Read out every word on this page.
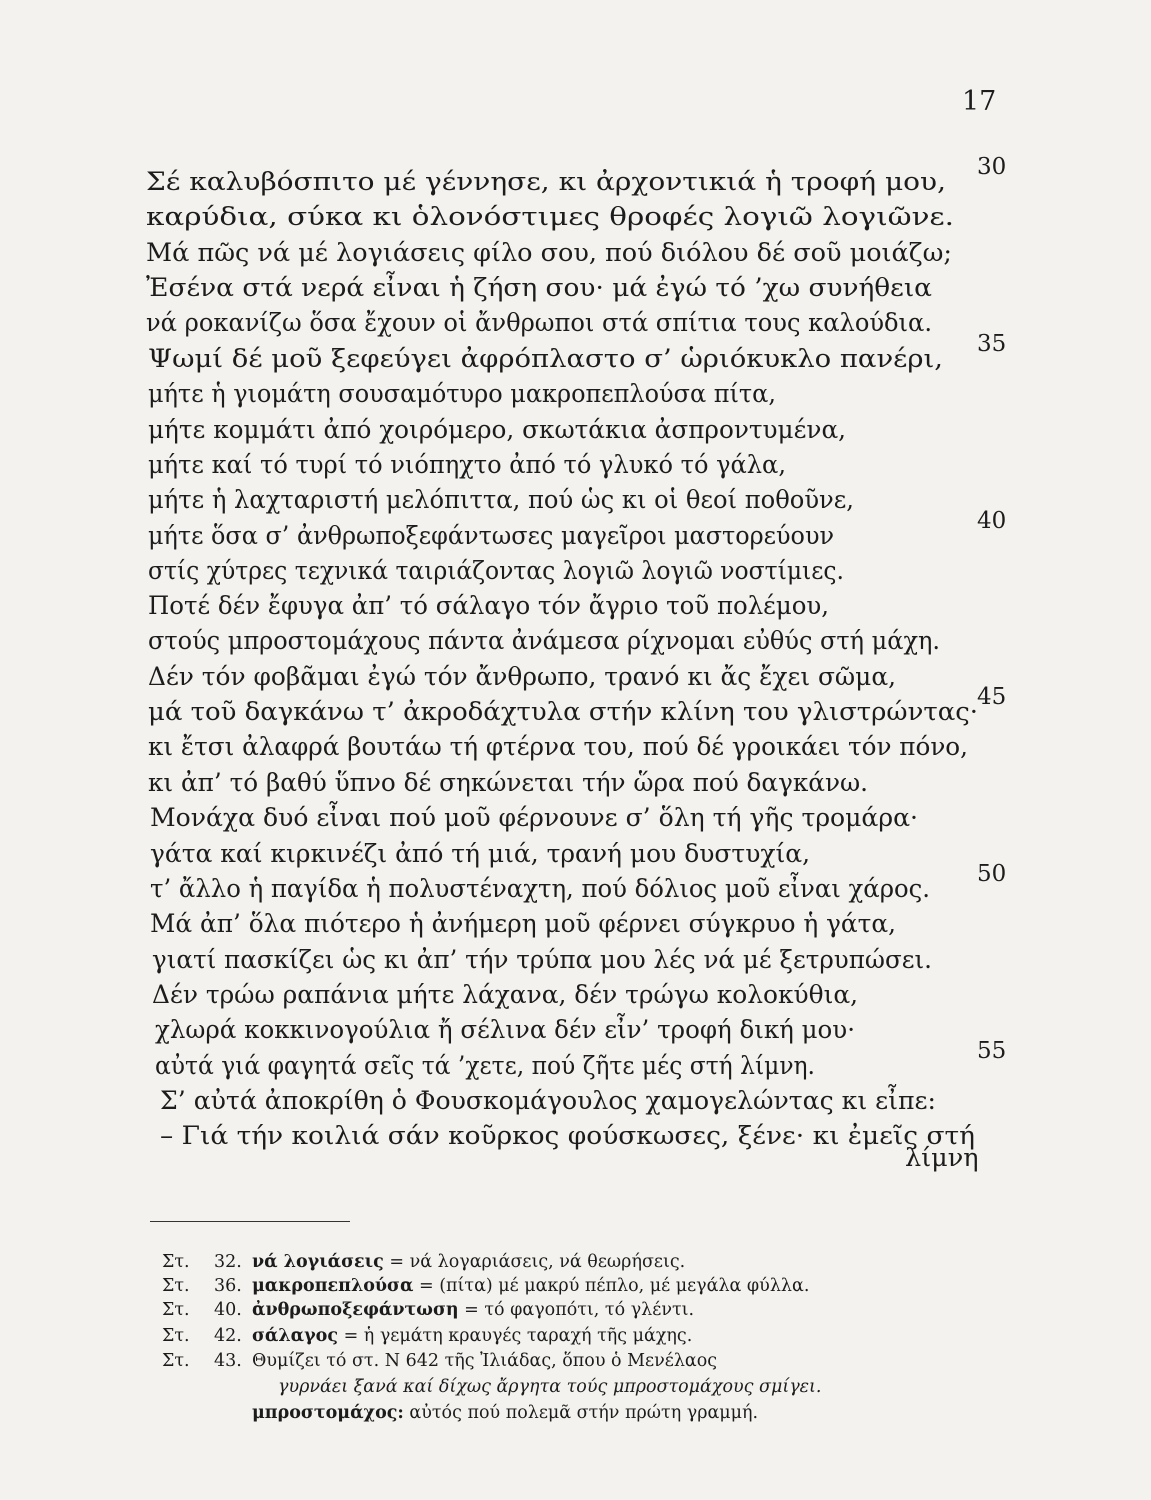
17
Σέ καλυβόσπιτο μέ γέννησε, κι ἀρχοντικιά ἡ τροφή μου, 30
καρύδια, σύκα κι ὁλονόστιμες θροφές λογιῶ λογιῶνε.
Μά πῶς νά μέ λογιάσεις φίλο σου, πού διόλου δέ σοῦ μοιάζω;
Ἐσένα στά νερά εἶναι ἡ ζήση σου· μά ἐγώ τό ’χω συνήθεια
νά ροκανίζω ὅσα ἔχουν οἱ ἄνθρωποι στά σπίτια τους καλούδια.
Ψωμί δέ μοῦ ξεφεύγει ἀφρόπλαστο σ’ ὡριόκυκλο πανέρι, 35
μήτε ἡ γιομάτη σουσαμότυρο μακροπεπλούσα πίτα,
μήτε κομμάτι ἀπό χοιρόμερο, σκωτάκια ἀσπροντυμένα,
μήτε καί τό τυρί τό νιόπηχτο ἀπό τό γλυκό τό γάλα,
μήτε ἡ λαχταριστή μελόπιττα, πού ὡς κι οἱ θεοί ποθοῦνε,
μήτε ὅσα σ’ ἀνθρωποξεφάντωσες μαγεῖροι μαστορεύουν	40
στίς χύτρες τεχνικά ταιριάζοντας λογιῶ λογιῶ νοστίμιες.
Ποτέ δέν ἔφυγα ἀπ’ τό σάλαγο τόν ἄγριο τοῦ πολέμου,
στούς μπροστομάχους πάντα ἀνάμεσα ρίχνομαι εὐθύς στή μάχη.
Δέν τόν φοβᾶμαι ἐγώ τόν ἄνθρωπο, τρανό κι ἄς ἔχει σῶμα,
μά τοῦ δαγκάνω τ’ ἀκροδάχτυλα στήν κλίνη του γλιστρώντας·
45
κι ἔτσι ἀλαφρά βουτάω τή φτέρνα του, πού δέ γροικάει τόν πόνο,
κι ἀπ’ τό βαθύ ὕπνο δέ σηκώνεται τήν ὥρα πού δαγκάνω.
Μονάχα δυό εἶναι πού μοῦ φέρνουνε σ’ ὅλη τή γῆς τρομάρα·
γάτα καί κιρκινέζι ἀπό τή μιά, τρανή μου δυστυχία,
τ’ ἄλλο ἡ παγίδα ἡ πολυστέναχτη, πού δόλιος μοῦ εἶναι χάρος. 50
Μά ἀπ’ ὅλα πιότερο ἡ ἀνήμερη μοῦ φέρνει σύγκρυο ἡ γάτα,
γιατί πασκίζει ὡς κι ἀπ’ τήν τρύπα μου λές νά μέ ξετρυπώσει.
Δέν τρώω ραπάνια μήτε λάχανα, δέν τρώγω κολοκύθια,
χλωρά κοκκινογούλια ἤ σέλινα δέν εἶν’ τροφή δική μου·
αὐτά γιά φαγητά σεῖς τά ’χετε, πού ζῆτε μές στή λίμνη.	55
Σ’ αὐτά ἀποκρίθη ὁ Φουσκομάγουλος χαμογελώντας κι εἶπε:
– Γιά τήν κοιλιά σάν κοῦρκος φούσκωσες, ξένε· κι ἐμεῖς στή
λίμνη
Στ. 32. νά λογιάσεις = νά λογαριάσεις, νά θεωρήσεις.
Στ. 36. μακροπεπλούσα = (πίτα) μέ μακρύ πέπλο, μέ μεγάλα φύλλα.
Στ. 40. ἀνθρωποξεφάντωση = τό φαγοπότι, τό γλέντι.
Στ. 42. σάλαγος = ἡ γεμάτη κραυγές ταραχή τῆς μάχης.
Στ. 43. Θυμίζει τό στ. Ν 642 τῆς Ἰλιάδας, ὅπου ὁ Μενέλαος
γυρνάει ξανά καί δίχως ἄργητα τούς μπροστομάχους σμίγει.
μπροστομάχος: αὐτός πού πολεμᾶ στήν πρώτη γραμμή.
